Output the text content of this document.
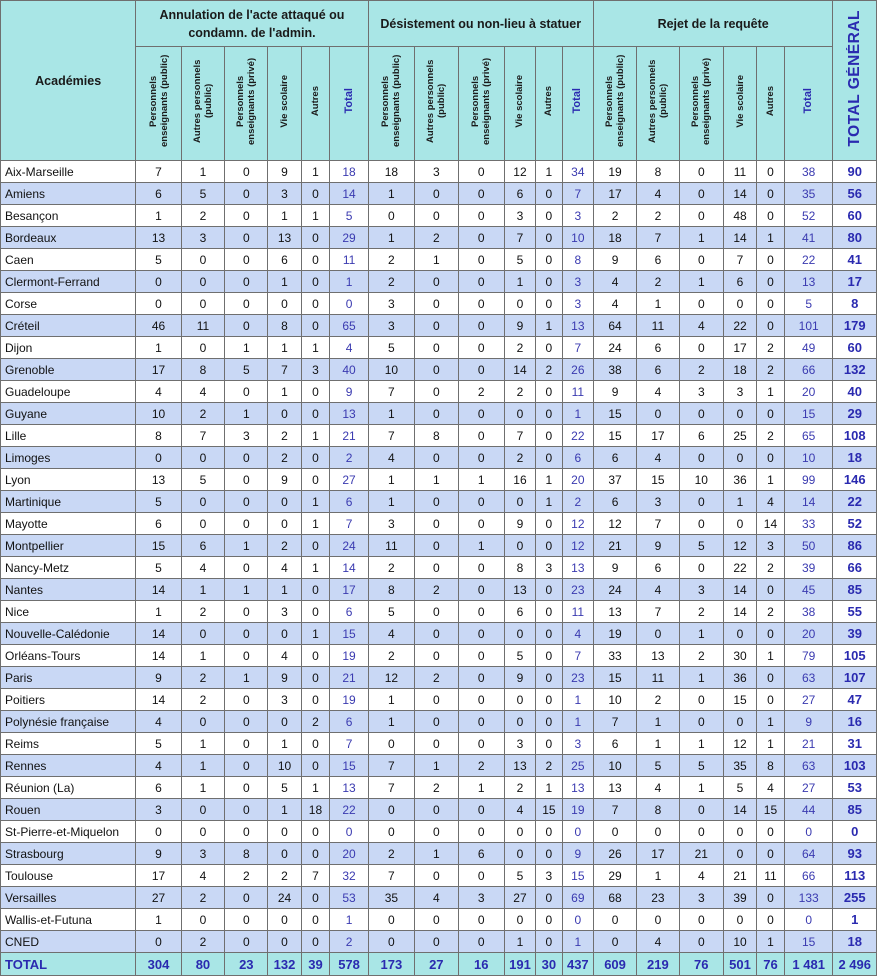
Académies	Annulation de l'acte attaqué ou condamn. de l'admin.						Désistement ou non-lieu à statuer						Rejet de la requête						TOTAL GÉNÉRAL
	Personnels enseignants (public)	Autres personnels (public)	Personnels enseignants (privé)	Vie scolaire	Autres	Total	Personnels enseignants (public)	Autres personnels (public)	Personnels enseignants (privé)	Vie scolaire	Autres	Total	Personnels enseignants (public)	Autres personnels (public)	Personnels enseignants (privé)	Vie scolaire	Autres	Total	
Aix-Marseille	7	1	0	9	1	18	18	3	0	12	1	34	19	8	0	11	0	38	90
Amiens	6	5	0	3	0	14	1	0	0	6	0	7	17	4	0	14	0	35	56
Besançon	1	2	0	1	1	5	0	0	0	3	0	3	2	2	0	48	0	52	60
Bordeaux	13	3	0	13	0	29	1	2	0	7	0	10	18	7	1	14	1	41	80
Caen	5	0	0	6	0	11	2	1	0	5	0	8	9	6	0	7	0	22	41
Clermont-Ferrand	0	0	0	1	0	1	2	0	0	1	0	3	4	2	1	6	0	13	17
Corse	0	0	0	0	0	0	3	0	0	0	0	3	4	1	0	0	0	5	8
Créteil	46	11	0	8	0	65	3	0	0	9	1	13	64	11	4	22	0	101	179
Dijon	1	0	1	1	1	4	5	0	0	2	0	7	24	6	0	17	2	49	60
Grenoble	17	8	5	7	3	40	10	0	0	14	2	26	38	6	2	18	2	66	132
Guadeloupe	4	4	0	1	0	9	7	0	2	2	0	11	9	4	3	3	1	20	40
Guyane	10	2	1	0	0	13	1	0	0	0	0	1	15	0	0	0	0	15	29
Lille	8	7	3	2	1	21	7	8	0	7	0	22	15	17	6	25	2	65	108
Limoges	0	0	0	2	0	2	4	0	0	2	0	6	6	4	0	0	0	10	18
Lyon	13	5	0	9	0	27	1	1	1	16	1	20	37	15	10	36	1	99	146
Martinique	5	0	0	0	1	6	1	0	0	0	1	2	6	3	0	1	4	14	22
Mayotte	6	0	0	0	1	7	3	0	0	9	0	12	12	7	0	0	14	33	52
Montpellier	15	6	1	2	0	24	11	0	1	0	0	12	21	9	5	12	3	50	86
Nancy-Metz	5	4	0	4	1	14	2	0	0	8	3	13	9	6	0	22	2	39	66
Nantes	14	1	1	1	0	17	8	2	0	13	0	23	24	4	3	14	0	45	85
Nice	1	2	0	3	0	6	5	0	0	6	0	11	13	7	2	14	2	38	55
Nouvelle-Calédonie	14	0	0	0	1	15	4	0	0	0	0	4	19	0	1	0	0	20	39
Orléans-Tours	14	1	0	4	0	19	2	0	0	5	0	7	33	13	2	30	1	79	105
Paris	9	2	1	9	0	21	12	2	0	9	0	23	15	11	1	36	0	63	107
Poitiers	14	2	0	3	0	19	1	0	0	0	0	1	10	2	0	15	0	27	47
Polynésie française	4	0	0	0	2	6	1	0	0	0	0	1	7	1	0	0	1	9	16
Reims	5	1	0	1	0	7	0	0	0	3	0	3	6	1	1	12	1	21	31
Rennes	4	1	0	10	0	15	7	1	2	13	2	25	10	5	5	35	8	63	103
Réunion (La)	6	1	0	5	1	13	7	2	1	2	1	13	13	4	1	5	4	27	53
Rouen	3	0	0	1	18	22	0	0	0	4	15	19	7	8	0	14	15	44	85
St-Pierre-et-Miquelon	0	0	0	0	0	0	0	0	0	0	0	0	0	0	0	0	0	0	0
Strasbourg	9	3	8	0	0	20	2	1	6	0	0	9	26	17	21	0	0	64	93
Toulouse	17	4	2	2	7	32	7	0	0	5	3	15	29	1	4	21	11	66	113
Versailles	27	2	0	24	0	53	35	4	3	27	0	69	68	23	3	39	0	133	255
Wallis-et-Futuna	1	0	0	0	0	1	0	0	0	0	0	0	0	0	0	0	0	0	1
CNED	0	2	0	0	0	2	0	0	0	1	0	1	0	4	0	10	1	15	18
TOTAL	304	80	23	132	39	578	173	27	16	191	30	437	609	219	76	501	76	1 481	2 496
